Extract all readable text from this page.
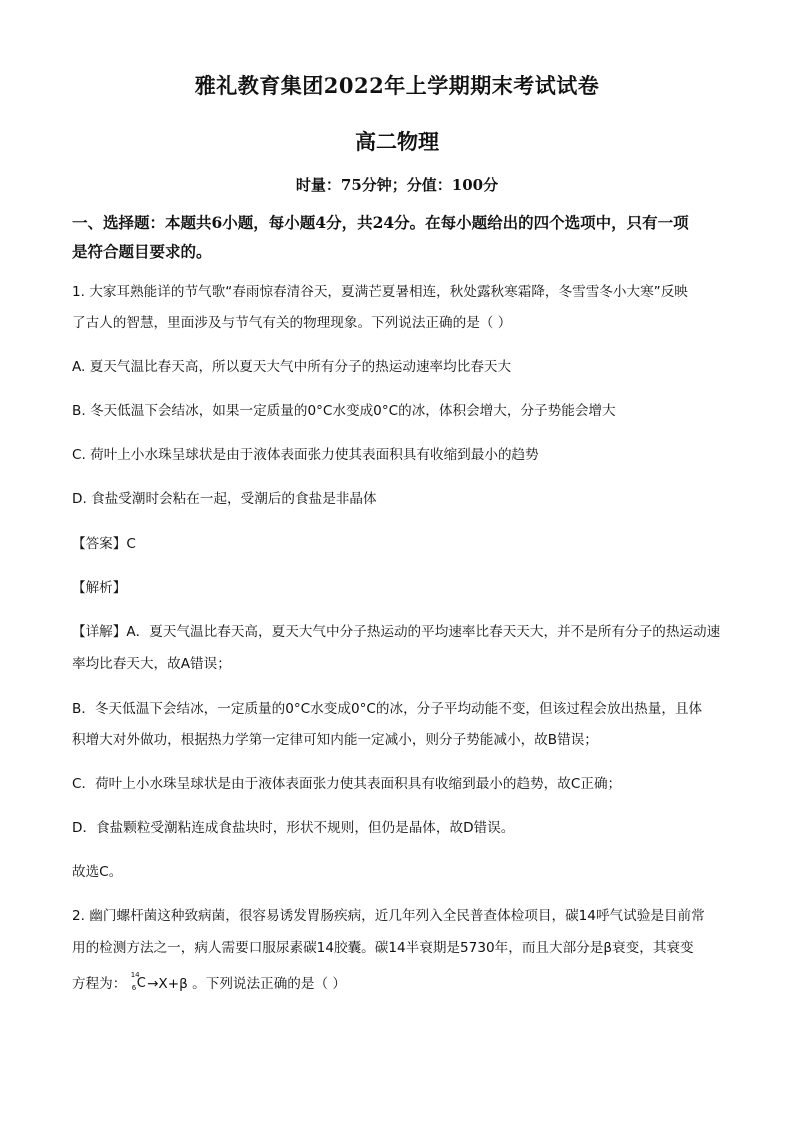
雅礼教育集团2022年上学期期末考试试卷
高二物理
时量：75分钟；分值：100分
一、选择题：本题共6小题，每小题4分，共24分。在每小题给出的四个选项中，只有一项
是符合题目要求的。
1. 大家耳熟能详的节气歌“春雨惊春清谷天，夏满芒夏暑相连，秋处露秋寒霜降，冬雪雪冬小大寒”反映
了古人的智慧，里面涉及与节气有关的物理现象。下列说法正确的是（ ）
A. 夏天气温比春天高，所以夏天大气中所有分子的热运动速率均比春天大
B. 冬天低温下会结冰，如果一定质量的0°C水变成0°C的冰，体积会增大，分子势能会增大
C. 荷叶上小水珠呈球状是由于液体表面张力使其表面积具有收缩到最小的趋势
D. 食盐受潮时会粘在一起，受潮后的食盐是非晶体
【答案】C
【解析】
【详解】A．夏天气温比春天高，夏天大气中分子热运动的平均速率比春天天大，并不是所有分子的热运动速
率均比春天大，故A错误；
B．冬天低温下会结冰，一定质量的0°C水变成0°C的冰，分子平均动能不变，但该过程会放出热量，且体
积增大对外做功，根据热力学第一定律可知内能一定减小，则分子势能减小，故B错误；
C．荷叶上小水珠呈球状是由于液体表面张力使其表面积具有收缩到最小的趋势，故C正确；
D．食盐颗粒受潮粘连成食盐块时，形状不规则，但仍是晶体，故D错误。
故选C。
2. 幽门螺杆菌这种致病菌，很容易诱发胃肠疾病，近几年列入全民普查体检项目，碳14呼气试验是目前常
用的检测方法之一，病人需要口服尿素碳14胶囊。碳14半衰期是5730年，而且大部分是β衰变，其衰变
方程为：
14
6 C →X+β 。下列说法正确的是（ ）
